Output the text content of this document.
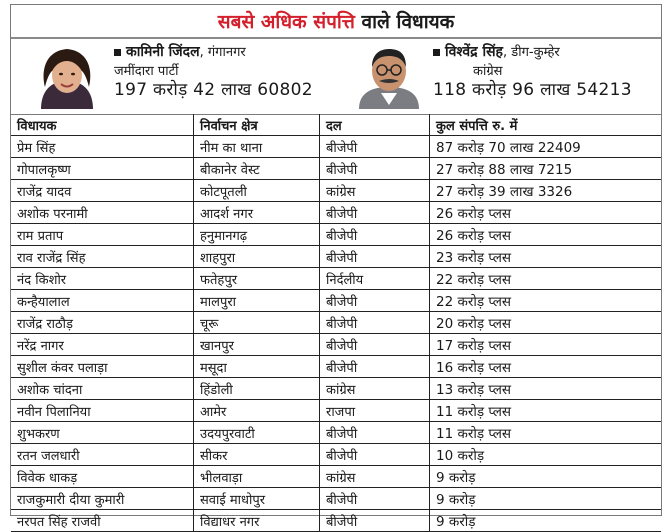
सबसे अधिक संपत्ति वाले विधायक
कामिनी जिंदल, गंगानगर
जमींदारा पार्टी
197 करोड़ 42 लाख 60802
विश्वेंद्र सिंह, डीग-कुम्हेर
कांग्रेस
118 करोड़ 96 लाख 54213
विधायक	निर्वाचन क्षेत्र	दल	कुल संपत्ति रु. में
प्रेम सिंह	नीम का थाना	बीजेपी	87 करोड़ 70 लाख 22409
गोपालकृष्ण	बीकानेर वेस्ट	बीजेपी	27 करोड़ 88 लाख 7215
राजेंद्र यादव	कोटपूतली	कांग्रेस	27 करोड़ 39 लाख 3326
अशोक परनामी	आदर्श नगर	बीजेपी	26 करोड़ प्लस
राम प्रताप	हनुमानगढ़	बीजेपी	26 करोड़ प्लस
राव राजेंद्र सिंह	शाहपुरा	बीजेपी	23 करोड़ प्लस
नंद किशोर	फतेहपुर	निर्दलीय	22 करोड़ प्लस
कन्हैयालाल	मालपुरा	बीजेपी	22 करोड़ प्लस
राजेंद्र राठौड़	चूरू	बीजेपी	20 करोड़ प्लस
नरेंद्र नागर	खानपुर	बीजेपी	17 करोड़ प्लस
सुशील कंवर पलाड़ा	मसूदा	बीजेपी	16 करोड़ प्लस
अशोक चांदना	हिंडोली	कांग्रेस	13 करोड़ प्लस
नवीन पिलानिया	आमेर	राजपा	11 करोड़ प्लस
शुभकरण	उदयपुरवाटी	बीजेपी	11 करोड़ प्लस
रतन जलधारी	सीकर	बीजेपी	10 करोड़
विवेक धाकड़	भीलवाड़ा	कांग्रेस	9 करोड़
राजकुमारी दीया कुमारी	सवाई माधोपुर	बीजेपी	9 करोड़
नरपत सिंह राजवी	विद्याधर नगर	बीजेपी	9 करोड़
